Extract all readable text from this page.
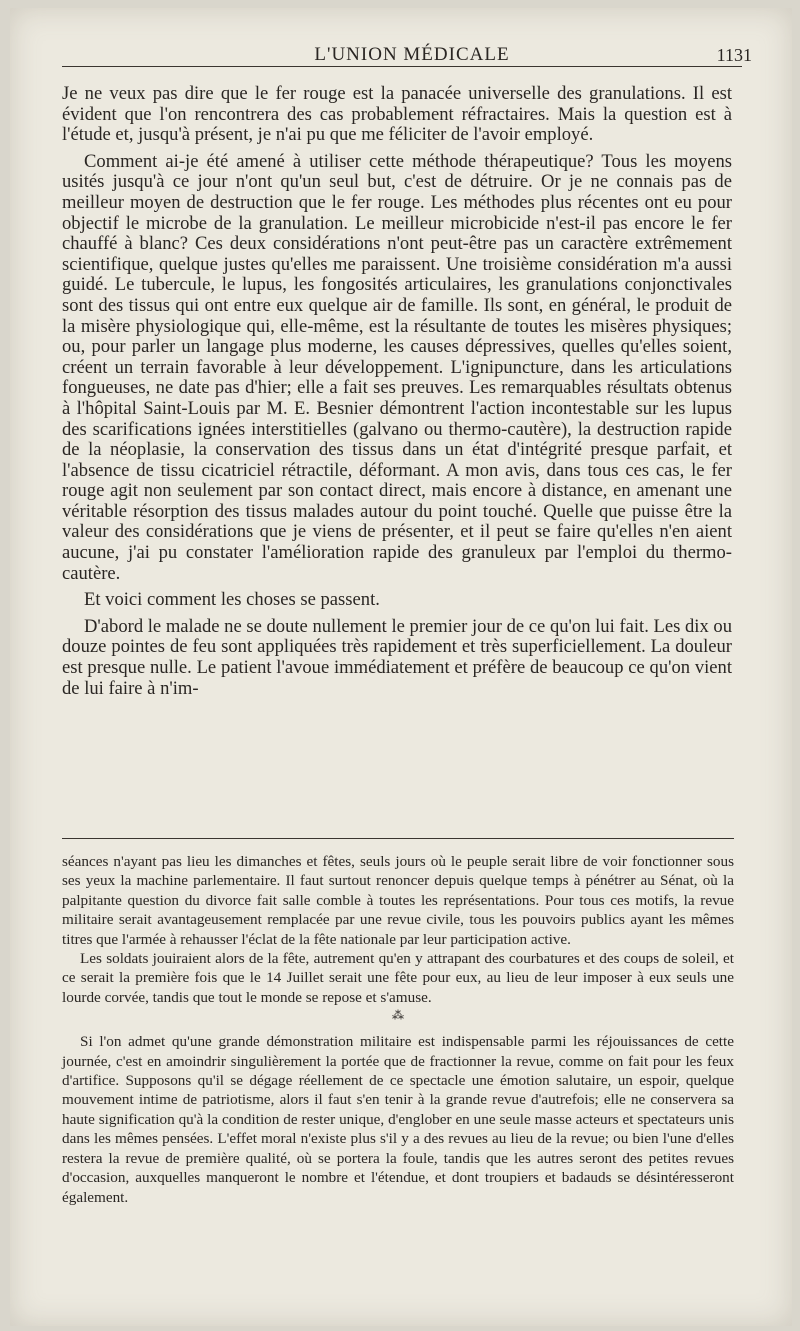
L'UNION MÉDICALE	1131

Je ne veux pas dire que le fer rouge est la panacée universelle des granulations. Il est évident que l'on rencontrera des cas probablement réfractaires. Mais la question est à l'étude et, jusqu'à présent, je n'ai pu que me féliciter de l'avoir employé.

Comment ai-je été amené à utiliser cette méthode thérapeutique? Tous les moyens usités jusqu'à ce jour n'ont qu'un seul but, c'est de détruire. Or je ne connais pas de meilleur moyen de destruction que le fer rouge. Les méthodes plus récentes ont eu pour objectif le microbe de la granulation. Le meilleur microbicide n'est-il pas encore le fer chauffé à blanc? Ces deux considérations n'ont peut-être pas un caractère extrêmement scientifique, quelque justes qu'elles me paraissent. Une troisième considération m'a aussi guidé. Le tubercule, le lupus, les fongosités articulaires, les granulations conjonctivales sont des tissus qui ont entre eux quelque air de famille. Ils sont, en général, le produit de la misère physiologique qui, elle-même, est la résultante de toutes les misères physiques; ou, pour parler un langage plus moderne, les causes dépressives, quelles qu'elles soient, créent un terrain favorable à leur développement. L'ignipuncture, dans les articulations fongueuses, ne date pas d'hier; elle a fait ses preuves. Les remarquables résultats obtenus à l'hôpital Saint-Louis par M. E. Besnier démontrent l'action incontestable sur les lupus des scarifications ignées interstitielles (galvano ou thermo-cautère), la destruction rapide de la néoplasie, la conservation des tissus dans un état d'intégrité presque parfait, et l'absence de tissu cicatriciel rétractile, déformant. A mon avis, dans tous ces cas, le fer rouge agit non seulement par son contact direct, mais encore à distance, en amenant une véritable résorption des tissus malades autour du point touché. Quelle que puisse être la valeur des considérations que je viens de présenter, et il peut se faire qu'elles n'en aient aucune, j'ai pu constater l'amélioration rapide des granuleux par l'emploi du thermo-cautère.

Et voici comment les choses se passent.

D'abord le malade ne se doute nullement le premier jour de ce qu'on lui fait. Les dix ou douze pointes de feu sont appliquées très rapidement et très superficiellement. La douleur est presque nulle. Le patient l'avoue immédiatement et préfère de beaucoup ce qu'on vient de lui faire à n'im-

séances n'ayant pas lieu les dimanches et fêtes, seuls jours où le peuple serait libre de voir fonctionner sous ses yeux la machine parlementaire. Il faut surtout renoncer depuis quelque temps à pénétrer au Sénat, où la palpitante question du divorce fait salle comble à toutes les représentations. Pour tous ces motifs, la revue militaire serait avantageusement remplacée par une revue civile, tous les pouvoirs publics ayant les mêmes titres que l'armée à rehausser l'éclat de la fête nationale par leur participation active.

Les soldats jouiraient alors de la fête, autrement qu'en y attrapant des courbatures et des coups de soleil, et ce serait la première fois que le 14 Juillet serait une fête pour eux, au lieu de leur imposer à eux seuls une lourde corvée, tandis que tout le monde se repose et s'amuse.

⁂

Si l'on admet qu'une grande démonstration militaire est indispensable parmi les réjouissances de cette journée, c'est en amoindrir singulièrement la portée que de fractionner la revue, comme on fait pour les feux d'artifice. Supposons qu'il se dégage réellement de ce spectacle une émotion salutaire, un espoir, quelque mouvement intime de patriotisme, alors il faut s'en tenir à la grande revue d'autrefois; elle ne conservera sa haute signification qu'à la condition de rester unique, d'englober en une seule masse acteurs et spectateurs unis dans les mêmes pensées. L'effet moral n'existe plus s'il y a des revues au lieu de la revue; ou bien l'une d'elles restera la revue de première qualité, où se portera la foule, tandis que les autres seront des petites revues d'occasion, auxquelles manqueront le nombre et l'étendue, et dont troupiers et badauds se désintéresseront également.
